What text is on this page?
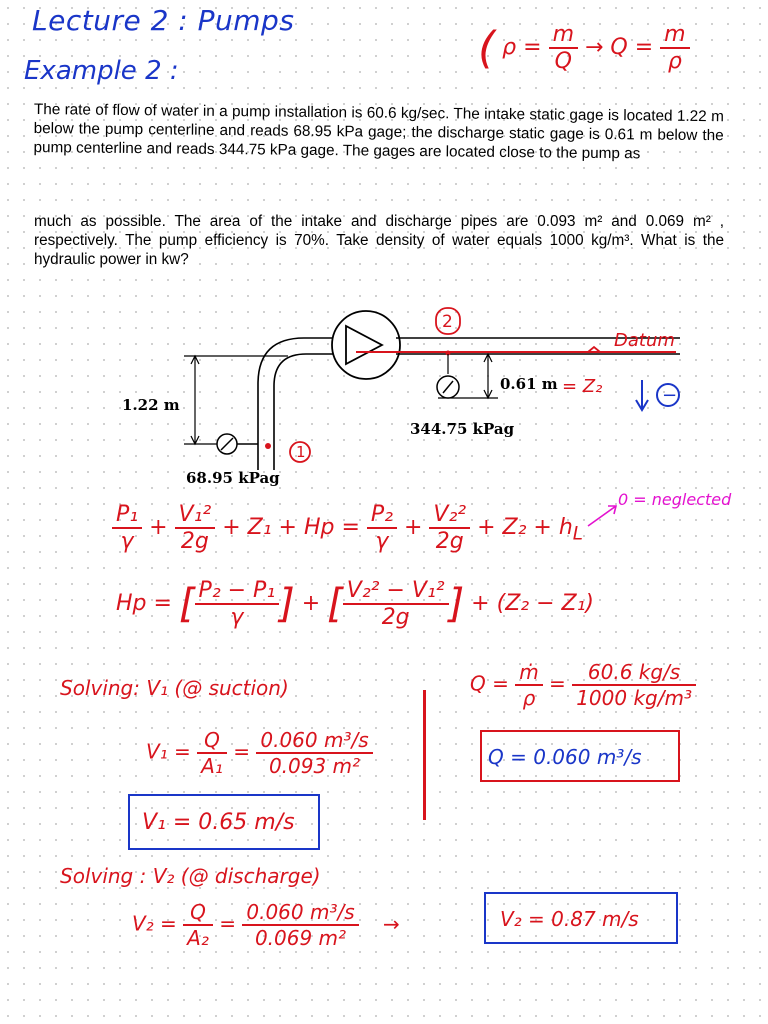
Lecture 2 : Pumps
Example 2 :	( $\rho = \frac{m}{Q} \to Q = \frac{m}{\rho}$

The rate of flow of water in a pump installation is 60.6 kg/sec. The intake static gage is located 1.22 m below the pump centerline and reads 68.95 kPa gage; the discharge static gage is 0.61 m below the pump centerline and reads 344.75 kPa gage. The gages are located close to the pump as

much as possible. The area of the intake and discharge pipes are 0.093 m² and 0.069 m² , respectively. The pump efficiency is 70%. Take density of water equals 1000 kg/m³. What is the hydraulic power in kw?

1
2
1.22 m
68.95 kPag
0.61 m
344.75 kPag
= Z₂
Datum
−
$\frac{\text{P₁}}{\gamma} + \frac{\text{V₁²}}{2g} + Z_1 + Hp = \frac{\text{P₂}}{\gamma} + \frac{\text{V₂²}}{2g} + Z_2 + h_L$
0 = neglected
Hp = [ $\frac{\text{P₂ − P₁}}{\gamma}$ ] + [ $\frac{\text{V₂² − V₁²}}{2g}$ ] + (Z₂ − Z₁)
Solving: V₁ (@ suction)
$V_1 = \frac{Q}{\text{A₁}} = \frac{\text{0.060 m³/s}}{\text{0.093 m²}}$
$Q = \frac{\text{ṁ}}{\rho} = \frac{60.6 kg/s}{\text{1000 kg/m³}}$
V₁ = 0.65 m/s
Q = 0.060 m³/s
Solving : V₂ (@ discharge)
$V_2 = \frac{Q}{\text{A₂}} = \frac{\text{0.060 m³/s}}{\text{0.069 m²}}$ →	V₂ = 0.87 m/s
